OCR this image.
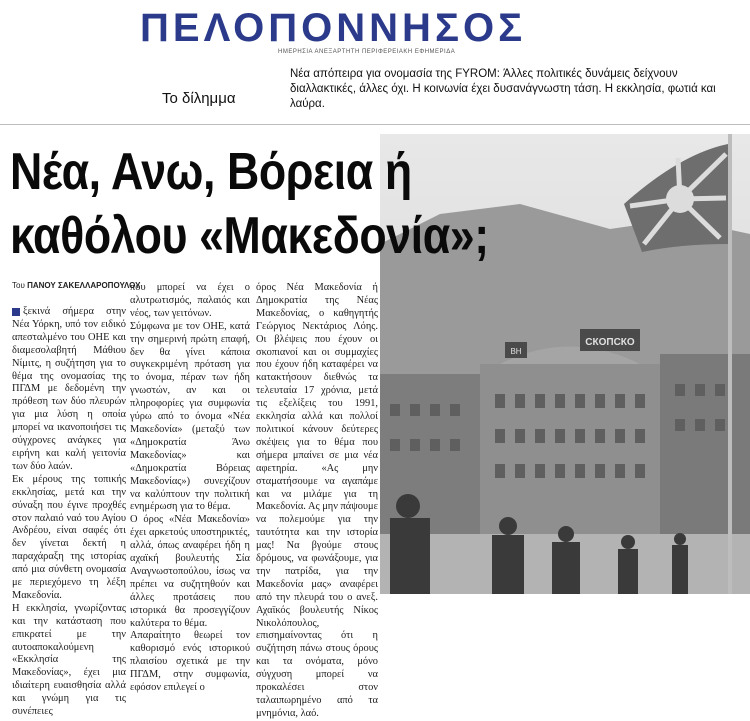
ΠΕΛΟΠΟΝΝΗΣΟΣ
ΗΜΕΡΗΣΙΑ ΑΝΕΞΑΡΤΗΤΗ ΠΕΡΙΦΕΡΕΙΑΚΗ ΕΦΗΜΕΡΙΔΑ
Το δίλημμα
Νέα απόπειρα για ονομασία της FYROM: Άλλες πολιτικές δυνάμεις δείχνουν διαλλακτικές, άλλες όχι. Η κοινωνία έχει δυσανάγνωστη τάση. Η εκκλησία, φωτιά και λαύρα.
СКОПСКО
ВН
Νέα, Ανω, Βόρεια ή
καθόλου «Μακεδονία»;
Του ΠΑΝΟΥ ΣΑΚΕΛΛΑΡΟΠΟΥΛΟΥ

ξεκινά σήμερα στην Νέα Υόρκη, υπό τον ειδικό απεσταλμένο του ΟΗΕ και διαμεσολαβητή Μάθιου Νίμιτς, η συζήτηση για το θέμα της ονομασίας της ΠΓΔΜ με δεδομένη την πρόθεση των δύο πλευρών για μια λύση η οποία μπορεί να ικανοποιήσει τις σύγχρονες ανάγκες για ειρήνη και καλή γειτονία των δύο λαών.

Εκ μέρους της τοπικής εκκλησίας, μετά και την σύναξη που έγινε προχθές στον παλαιό ναό του Αγίου Ανδρέου, είναι σαφές ότι δεν γίνεται δεκτή η παραχάραξη της ιστορίας από μια σύνθετη ονομασία με περιεχόμενο τη λέξη Μακεδονία.

Η εκκλησία, γνωρίζοντας και την κατάσταση που επικρατεί με την αυτοαποκαλούμενη «Εκκλησία της Μακεδονίας», έχει μια ιδιαίτερη ευαισθησία αλλά και γνώμη για τις συνέπειες

που μπορεί να έχει ο αλυτρωτισμός, παλαιός και νέος, των γειτόνων.

Σύμφωνα με τον ΟΗΕ, κατά την σημερινή πρώτη επαφή, δεν θα γίνει κάποια συγκεκριμένη πρόταση για το όνομα, πέραν των ήδη γνωστών, αν και οι πληροφορίες για συμφωνία γύρω από το όνομα «Νέα Μακεδονία» (μεταξύ των «Δημοκρατία Άνω Μακεδονίας» και «Δημοκρατία Βόρειας Μακεδονίας») συνεχίζουν να καλύπτουν την πολιτική ενημέρωση για το θέμα.

Ο όρος «Νέα Μακεδονία» έχει αρκετούς υποστηρικτές, αλλά, όπως αναφέρει ήδη η αχαϊκή βουλευτής Σία Αναγνωστοπούλου, ίσως να πρέπει να συζητηθούν και άλλες προτάσεις που ιστορικά θα προσεγγίζουν καλύτερα το θέμα.

Απαραίτητο θεωρεί τον καθορισμό ενός ιστορικού πλαισίου σχετικά με την ΠΓΔΜ, στην συμφωνία, εφόσον επιλεγεί ο

όρος Νέα Μακεδονία ή Δημοκρατία της Νέας Μακεδονίας, ο καθηγητής Γεώργιος Νεκτάριος Λόης. Οι βλέψεις που έχουν οι σκοπιανοί και οι συμμαχίες που έχουν ήδη καταφέρει να κατακτήσουν διεθνώς τα τελευταία 17 χρόνια, μετά τις εξελίξεις του 1991, εκκλησία αλλά και πολλοί πολιτικοί κάνουν δεύτερες σκέψεις για το θέμα που σήμερα μπαίνει σε μια νέα αφετηρία. «Ας μην σταματήσουμε να αγαπάμε και να μιλάμε για τη Μακεδονία. Ας μην πάψουμε να πολεμούμε για την ταυτότητα και την ιστορία μας! Να βγούμε στους δρόμους, να φωνάξουμε, για την πατρίδα, για την Μακεδονία μας» αναφέρει από την πλευρά του ο ανεξ. Αχαϊκός βουλευτής Νίκος Νικολόπουλος, επισημαίνοντας ότι η συζήτηση πάνω στους όρους και τα ονόματα, μόνο σύγχυση μπορεί να προκαλέσει στον ταλαιπωρημένο από τα μνημόνια, λαό.
